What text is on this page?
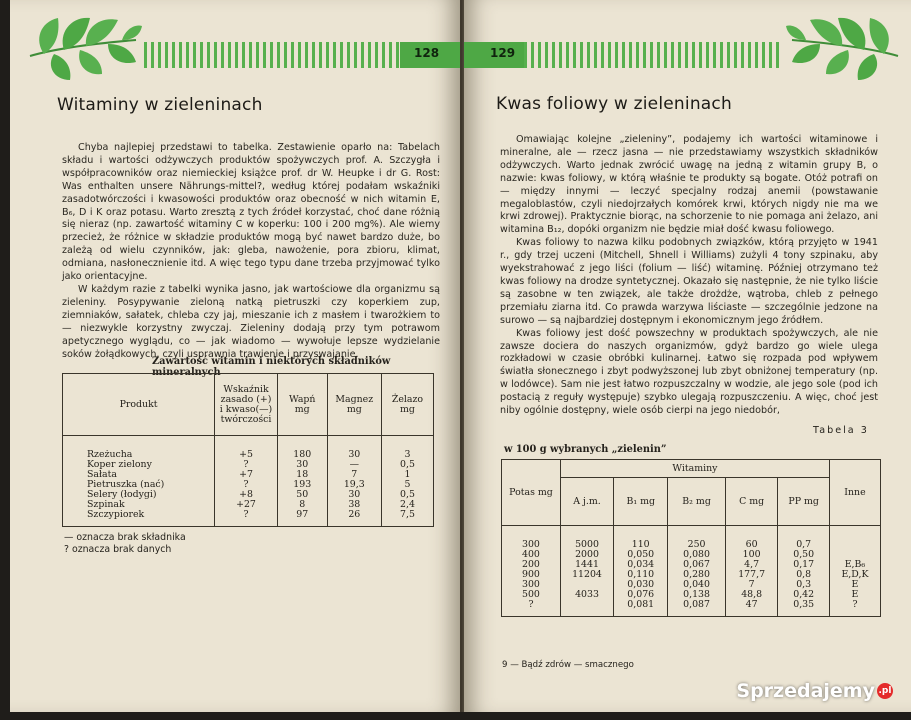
128
Witaminy w zieleninach

Chyba najlepiej przedstawi to tabelka. Zestawienie oparło na: Tabelach składu i wartości odżywczych produktów spożywczych prof. A. Szczygła i współpracowników oraz niemieckiej książce prof. dr W. Heupke i dr G. Rost: Was enthalten unsere Nährungs-mittel?, według której podałam wskaźniki zasadotwórczości i kwasowości produktów oraz obecność w nich witamin E, B₆, D i K oraz potasu. Warto zresztą z tych źródeł korzystać, choć dane różnią się nieraz (np. zawartość witaminy C w koperku: 100 i 200 mg%). Ale wiemy przecież, że różnice w składzie produktów mogą być nawet bardzo duże, bo zależą od wielu czynników, jak: gleba, nawożenie, pora zbioru, klimat, odmiana, nasłonecznienie itd. A więc tego typu dane trzeba przyjmować tylko jako orientacyjne.

W każdym razie z tabelki wynika jasno, jak wartościowe dla organizmu są zieleniny. Posypywanie zieloną natką pietruszki czy koperkiem zup, ziemniaków, sałatek, chleba czy jaj, mieszanie ich z masłem i twarożkiem to — niezwykle korzystny zwyczaj. Zieleniny dodają przy tym potrawom apetycznego wyglądu, co — jak wiadomo — wywołuje lepsze wydzielanie soków żołądkowych, czyli usprawnia trawienie i przyswajanie.

Zawartość witamin i niektórych składników mineralnych
Produkt	Wskaźnik zasado (+) i kwaso(—) twórczości	Wapń mg	Magnez mg	Żelazo mg
Rzeżucha	+5	180	30	3
Koper zielony	?	30	—	0,5
Sałata	+7	18	7	1
Pietruszka (nać)	?	193	19,3	5
Selery (łodygi)	+8	50	30	0,5
Szpinak	+27	8	38	2,4
Szczypiorek	?	97	26	7,5
— oznacza brak składnika
? oznacza brak danych
129
Kwas foliowy w zieleninach

Omawiając kolejne „zieleniny”, podajemy ich wartości witaminowe i mineralne, ale — rzecz jasna — nie przedstawiamy wszystkich składników odżywczych. Warto jednak zwrócić uwagę na jedną z witamin grupy B, o nazwie: kwas foliowy, w którą właśnie te produkty są bogate. Otóż potrafi on — między innymi — leczyć specjalny rodzaj anemii (powstawanie megaloblastów, czyli niedojrzałych komórek krwi, których nigdy nie ma we krwi zdrowej). Praktycznie biorąc, na schorzenie to nie pomaga ani żelazo, ani witamina B₁₂, dopóki organizm nie będzie miał dość kwasu foliowego.

Kwas foliowy to nazwa kilku podobnych związków, którą przyjęto w 1941 r., gdy trzej uczeni (Mitchell, Shnell i Williams) zużyli 4 tony szpinaku, aby wyekstrahować z jego liści (folium — liść) witaminę. Później otrzymano też kwas foliowy na drodze syntetycznej. Okazało się następnie, że nie tylko liście są zasobne w ten związek, ale także drożdże, wątroba, chleb z pełnego przemiału ziarna itd. Co prawda warzywa liściaste — szczególnie jedzone na surowo — są najbardziej dostępnym i ekonomicznym jego źródłem.

Kwas foliowy jest dość powszechny w produktach spożywczych, ale nie zawsze dociera do naszych organizmów, gdyż bardzo go wiele ulega rozkładowi w czasie obróbki kulinarnej. Łatwo się rozpada pod wpływem światła słonecznego i zbyt podwyższonej lub zbyt obniżonej temperatury (np. w lodówce). Sam nie jest łatwo rozpuszczalny w wodzie, ale jego sole (pod ich postacią z reguły występuje) szybko ulegają rozpuszczeniu. A więc, choć jest niby ogólnie dostępny, wiele osób cierpi na jego niedobór,

Tabela 3
w 100 g wybranych „zielenin”
Potas mg	Witaminy					Inne
	A j.m.	B₁ mg	B₂ mg	C mg	PP mg	
300	5000	110	250	60	0,7	
400	2000	0,050	0,080	100	0,50	
200	1441	0,034	0,067	4,7	0,17	E,B₆
900	11204	0,110	0,280	177,7	0,8	E,D,K
300		0,030	0,040	7	0,3	E
500	4033	0,076	0,138	48,8	0,42	E
?		0,081	0,087	47	0,35	?
9 — Bądź zdrów — smacznego
Sprzedajemy .pl
